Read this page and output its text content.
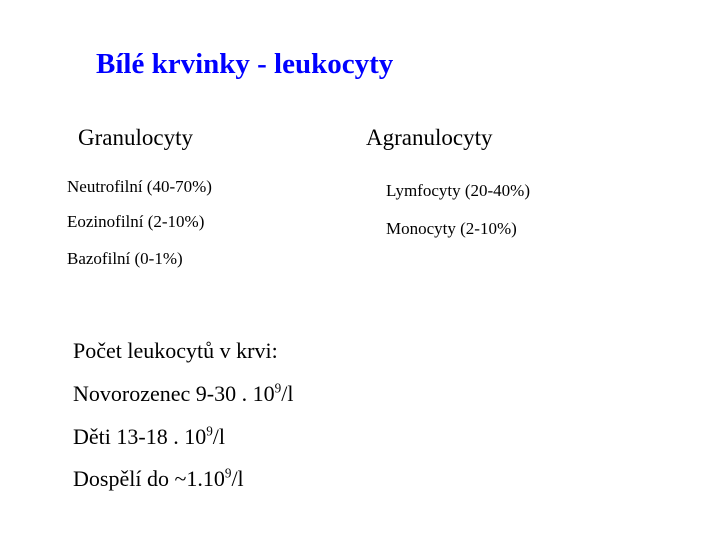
Bílé krvinky - leukocyty
Granulocyty	Agranulocyty
Neutrofilní (40-70%)
Eozinofilní (2-10%)
Bazofilní (0-1%)
Lymfocyty (20-40%)
Monocyty (2-10%)
Počet leukocytů v krvi:
Novorozenec 9-30 . $10^9/l$
Děti 13-18 . $10^9/l$
Dospělí do ~1.10$^9$/l
